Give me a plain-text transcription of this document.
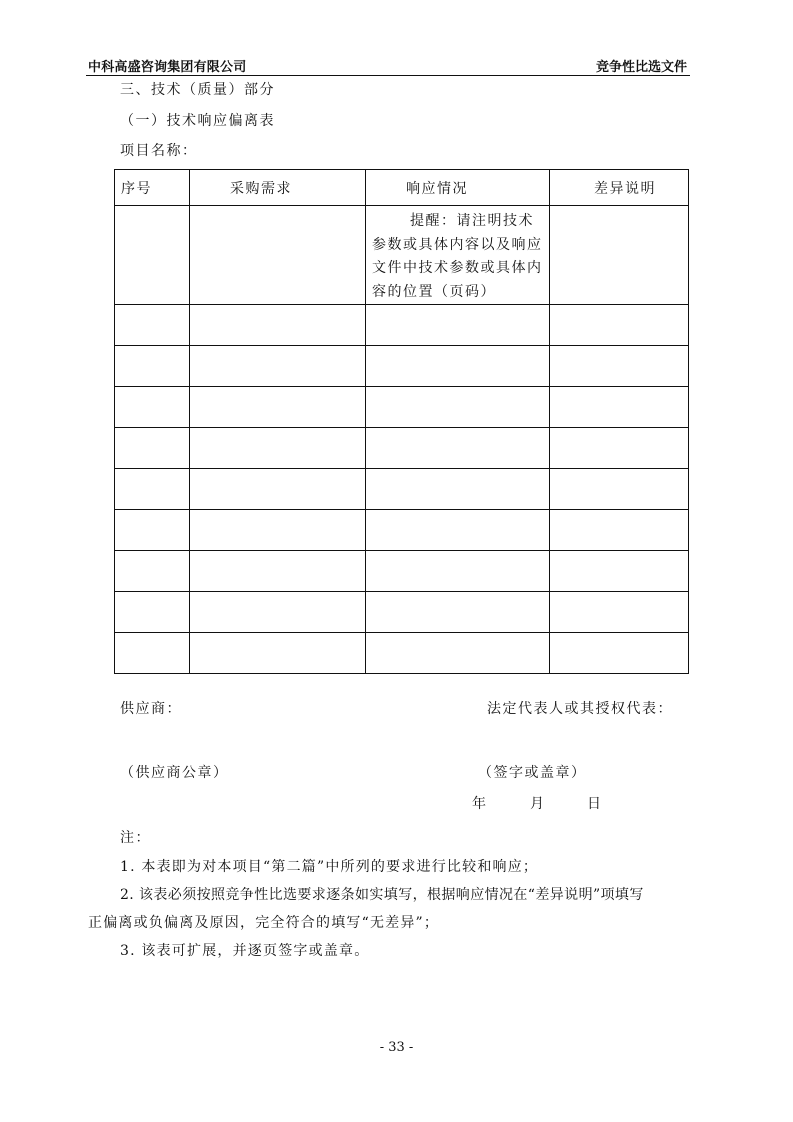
中科高盛咨询集团有限公司	竞争性比选文件
三、技术（质量）部分
（一）技术响应偏离表
项目名称：
序号	采购需求	响应情况	差异说明

		提醒：请注明技术参数或具体内容以及响应文件中技术参数或具体内容的位置（页码）	

供应商：	法定代表人或其授权代表：
（供应商公章）	（签字或盖章）
年	月	日
注：
1. 本表即为对本项目“第二篇”中所列的要求进行比较和响应；
2. 该表必须按照竞争性比选要求逐条如实填写，根据响应情况在“差异说明”项填写
正偏离或负偏离及原因，完全符合的填写“无差异”；
3. 该表可扩展，并逐页签字或盖章。
- 33 -
